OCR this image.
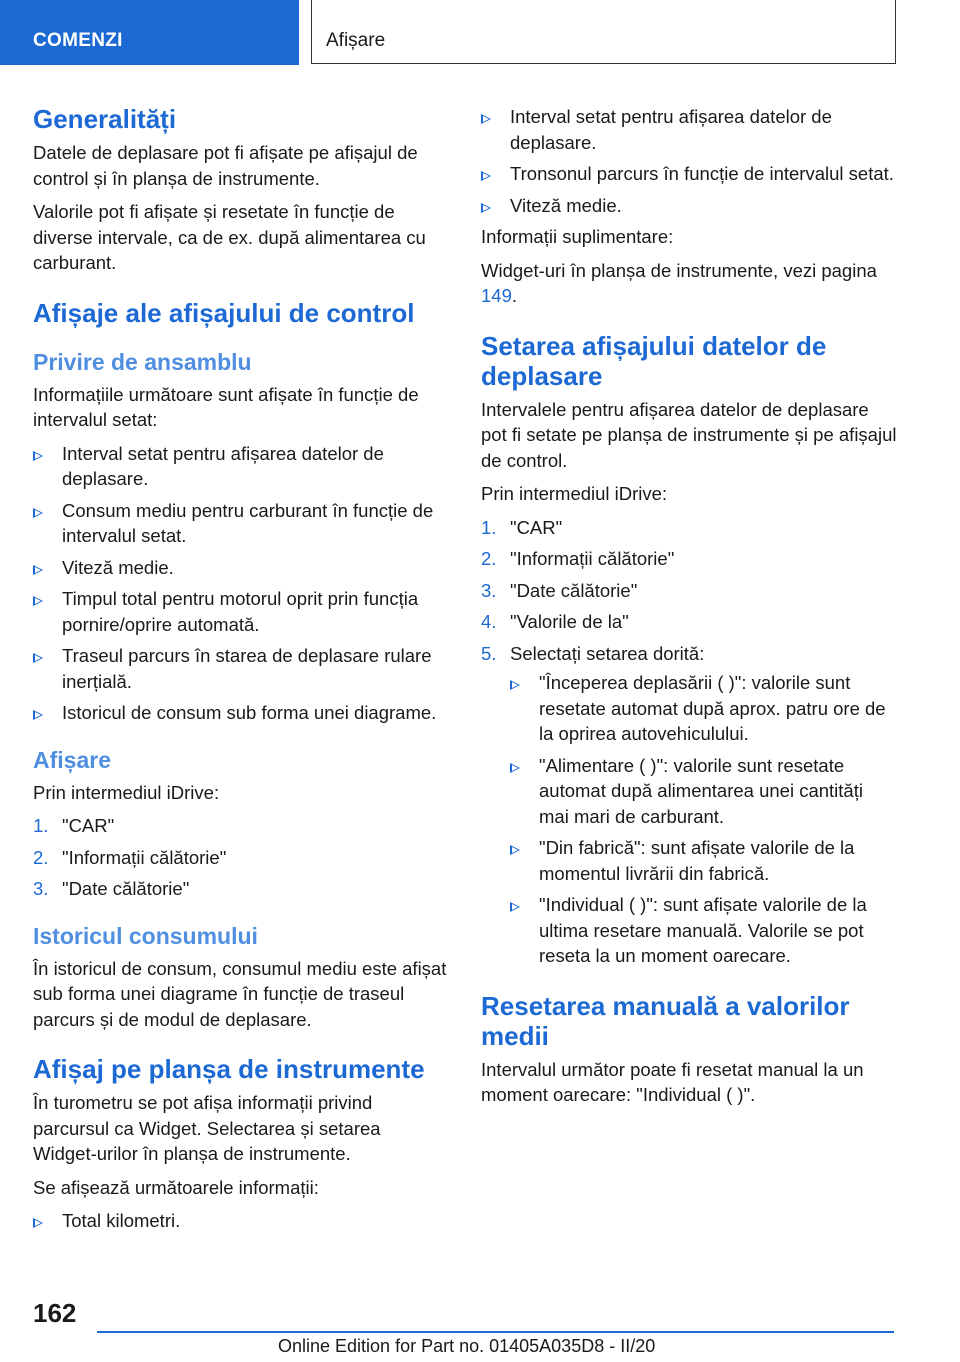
COMENZI	Afișare
Generalități

Datele de deplasare pot fi afișate pe afișajul de control și în planșa de instrumente.

Valorile pot fi afișate și resetate în funcție de diverse intervale, ca de ex. după alimentarea cu carburant.

Afișaje ale afișajului de control
Privire de ansamblu

Informațiile următoare sunt afișate în funcție de intervalul setat:

Interval setat pentru afișarea datelor de deplasare.
Consum mediu pentru carburant în funcție de intervalul setat.
Viteză medie.
Timpul total pentru motorul oprit prin funcția pornire/oprire automată.
Traseul parcurs în starea de deplasare rulare inerțială.
Istoricul de consum sub forma unei diagrame.
Afișare

Prin intermediul iDrive:

1. "CAR"
2. "Informații călătorie"
3. "Date călătorie"
Istoricul consumului

În istoricul de consum, consumul mediu este afișat sub forma unei diagrame în funcție de traseul parcurs și de modul de deplasare.

Afișaj pe planșa de instrumente

În turometru se pot afișa informații privind parcursul ca Widget. Selectarea și setarea Widget-urilor în planșa de instrumente.

Se afișează următoarele informații:

Total kilometri.
Interval setat pentru afișarea datelor de deplasare.
Tronsonul parcurs în funcție de intervalul setat.
Viteză medie.

Informații suplimentare:

Widget-uri în planșa de instrumente, vezi pagina 149.

Setarea afișajului datelor de deplasare

Intervalele pentru afișarea datelor de deplasare pot fi setate pe planșa de instrumente și pe afișajul de control.

Prin intermediul iDrive:

1. "CAR"
2. "Informații călătorie"
3. "Date călătorie"
4. "Valorile de la"
5. Selectați setarea dorită:
"Începerea deplasării ( )": valorile sunt resetate automat după aprox. patru ore de la oprirea autovehiculului.
"Alimentare ( )": valorile sunt resetate automat după alimentarea unei cantități mai mari de carburant.
"Din fabrică": sunt afișate valorile de la momentul livrării din fabrică.
"Individual ( )": sunt afișate valorile de la ultima resetare manuală. Valorile se pot reseta la un moment oarecare.
Resetarea manuală a valorilor medii

Intervalul următor poate fi resetat manual la un moment oarecare: "Individual ( )".

162
Online Edition for Part no. 01405A035D8 - II/20
